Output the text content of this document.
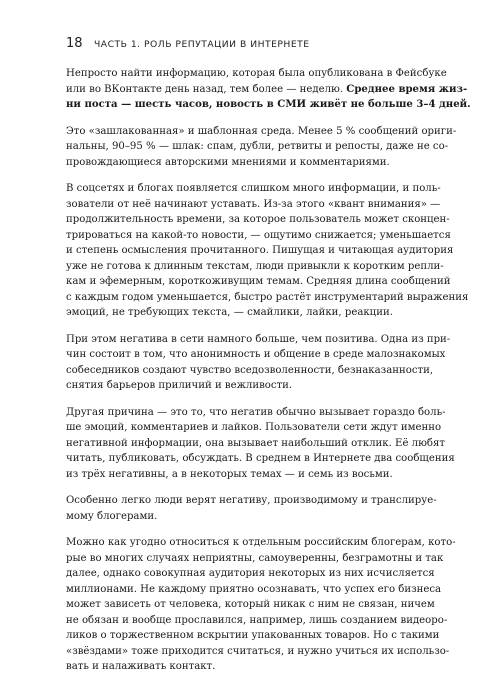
18 ЧАСТЬ 1. РОЛЬ РЕПУТАЦИИ В ИНТЕРНЕТЕ

Непросто найти информацию, которая была опубликована в Фейсбуке
или во ВКонтакте день назад, тем более — неделю. Среднее время жиз-
ни поста — шесть часов, новость в СМИ живёт не больше 3–4 дней.

Это «зашлакованная» и шаблонная среда. Менее 5 % сообщений ориги-
нальны, 90–95 % — шлак: спам, дубли, ретвиты и репосты, даже не со-
провождающиеся авторскими мнениями и комментариями.

В соцсетях и блогах появляется слишком много информации, и поль-
зователи от неё начинают уставать. Из-за этого «квант внимания» —
продолжительность времени, за которое пользователь может сконцен-
трироваться на какой-то новости, — ощутимо снижается; уменьшается
и степень осмысления прочитанного. Пишущая и читающая аудитория
уже не готова к длинным текстам, люди привыкли к коротким репли-
кам и эфемерным, короткоживущим темам. Средняя длина сообщений
с каждым годом уменьшается, быстро растёт инструментарий выражения
эмоций, не требующих текста, — смайлики, лайки, реакции.

При этом негатива в сети намного больше, чем позитива. Одна из при-
чин состоит в том, что анонимность и общение в среде малознакомых
собеседников создают чувство вседозволенности, безнаказанности,
снятия барьеров приличий и вежливости.

Другая причина — это то, что негатив обычно вызывает гораздо боль-
ше эмоций, комментариев и лайков. Пользователи сети ждут именно
негативной информации, она вызывает наибольший отклик. Её любят
читать, публиковать, обсуждать. В среднем в Интернете два сообщения
из трёх негативны, а в некоторых темах — и семь из восьми.

Особенно легко люди верят негативу, производимому и транслируе-
мому блогерами.

Можно как угодно относиться к отдельным российским блогерам, кото-
рые во многих случаях неприятны, самоуверенны, безграмотны и так
далее, однако совокупная аудитория некоторых из них исчисляется
миллионами. Не каждому приятно осознавать, что успех его бизнеса
может зависеть от человека, который никак с ним не связан, ничем
не обязан и вообще прославился, например, лишь созданием видеоро-
ликов о торжественном вскрытии упакованных товаров. Но с такими
«звёздами» тоже приходится считаться, и нужно учиться их использо-
вать и налаживать контакт.
